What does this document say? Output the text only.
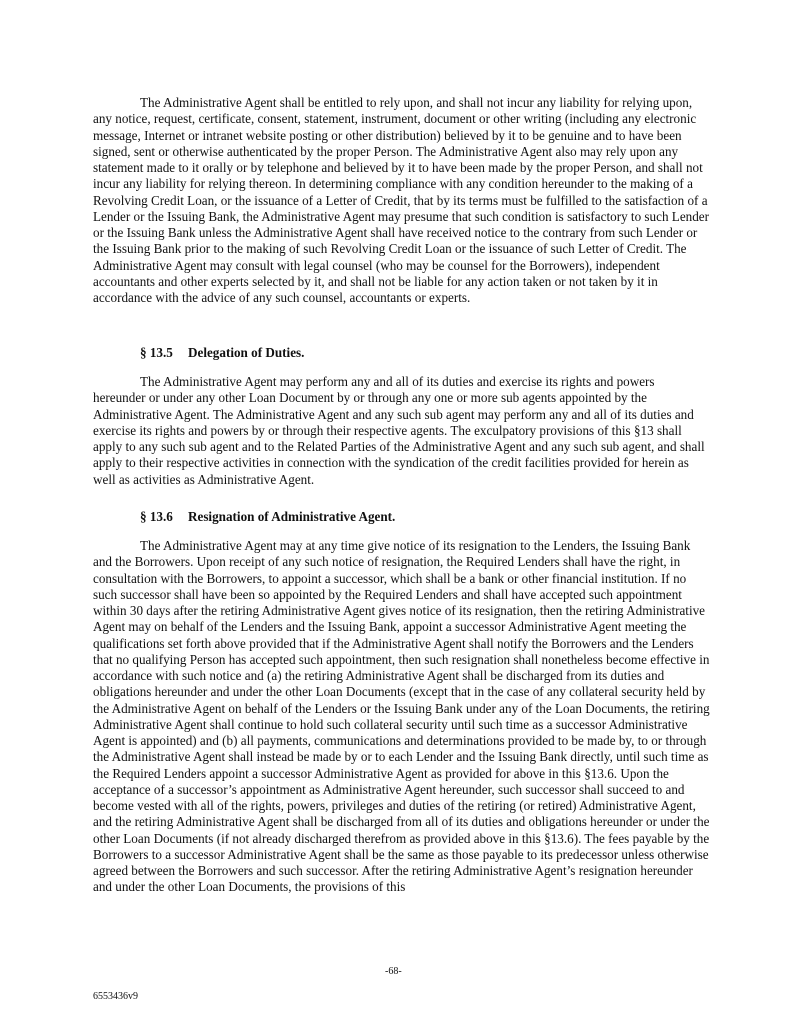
The Administrative Agent shall be entitled to rely upon, and shall not incur any liability for relying upon, any notice, request, certificate, consent, statement, instrument, document or other writing (including any electronic message, Internet or intranet website posting or other distribution) believed by it to be genuine and to have been signed, sent or otherwise authenticated by the proper Person. The Administrative Agent also may rely upon any statement made to it orally or by telephone and believed by it to have been made by the proper Person, and shall not incur any liability for relying thereon. In determining compliance with any condition hereunder to the making of a Revolving Credit Loan, or the issuance of a Letter of Credit, that by its terms must be fulfilled to the satisfaction of a Lender or the Issuing Bank, the Administrative Agent may presume that such condition is satisfactory to such Lender or the Issuing Bank unless the Administrative Agent shall have received notice to the contrary from such Lender or the Issuing Bank prior to the making of such Revolving Credit Loan or the issuance of such Letter of Credit. The Administrative Agent may consult with legal counsel (who may be counsel for the Borrowers), independent accountants and other experts selected by it, and shall not be liable for any action taken or not taken by it in accordance with the advice of any such counsel, accountants or experts.

§ 13.5 Delegation of Duties.

The Administrative Agent may perform any and all of its duties and exercise its rights and powers hereunder or under any other Loan Document by or through any one or more sub agents appointed by the Administrative Agent. The Administrative Agent and any such sub agent may perform any and all of its duties and exercise its rights and powers by or through their respective agents. The exculpatory provisions of this §13 shall apply to any such sub agent and to the Related Parties of the Administrative Agent and any such sub agent, and shall apply to their respective activities in connection with the syndication of the credit facilities provided for herein as well as activities as Administrative Agent.

§ 13.6 Resignation of Administrative Agent.

The Administrative Agent may at any time give notice of its resignation to the Lenders, the Issuing Bank and the Borrowers. Upon receipt of any such notice of resignation, the Required Lenders shall have the right, in consultation with the Borrowers, to appoint a successor, which shall be a bank or other financial institution. If no such successor shall have been so appointed by the Required Lenders and shall have accepted such appointment within 30 days after the retiring Administrative Agent gives notice of its resignation, then the retiring Administrative Agent may on behalf of the Lenders and the Issuing Bank, appoint a successor Administrative Agent meeting the qualifications set forth above provided that if the Administrative Agent shall notify the Borrowers and the Lenders that no qualifying Person has accepted such appointment, then such resignation shall nonetheless become effective in accordance with such notice and (a) the retiring Administrative Agent shall be discharged from its duties and obligations hereunder and under the other Loan Documents (except that in the case of any collateral security held by the Administrative Agent on behalf of the Lenders or the Issuing Bank under any of the Loan Documents, the retiring Administrative Agent shall continue to hold such collateral security until such time as a successor Administrative Agent is appointed) and (b) all payments, communications and determinations provided to be made by, to or through the Administrative Agent shall instead be made by or to each Lender and the Issuing Bank directly, until such time as the Required Lenders appoint a successor Administrative Agent as provided for above in this §13.6. Upon the acceptance of a successor’s appointment as Administrative Agent hereunder, such successor shall succeed to and become vested with all of the rights, powers, privileges and duties of the retiring (or retired) Administrative Agent, and the retiring Administrative Agent shall be discharged from all of its duties and obligations hereunder or under the other Loan Documents (if not already discharged therefrom as provided above in this §13.6). The fees payable by the Borrowers to a successor Administrative Agent shall be the same as those payable to its predecessor unless otherwise agreed between the Borrowers and such successor. After the retiring Administrative Agent’s resignation hereunder and under the other Loan Documents, the provisions of this

-68-

6553436v9
